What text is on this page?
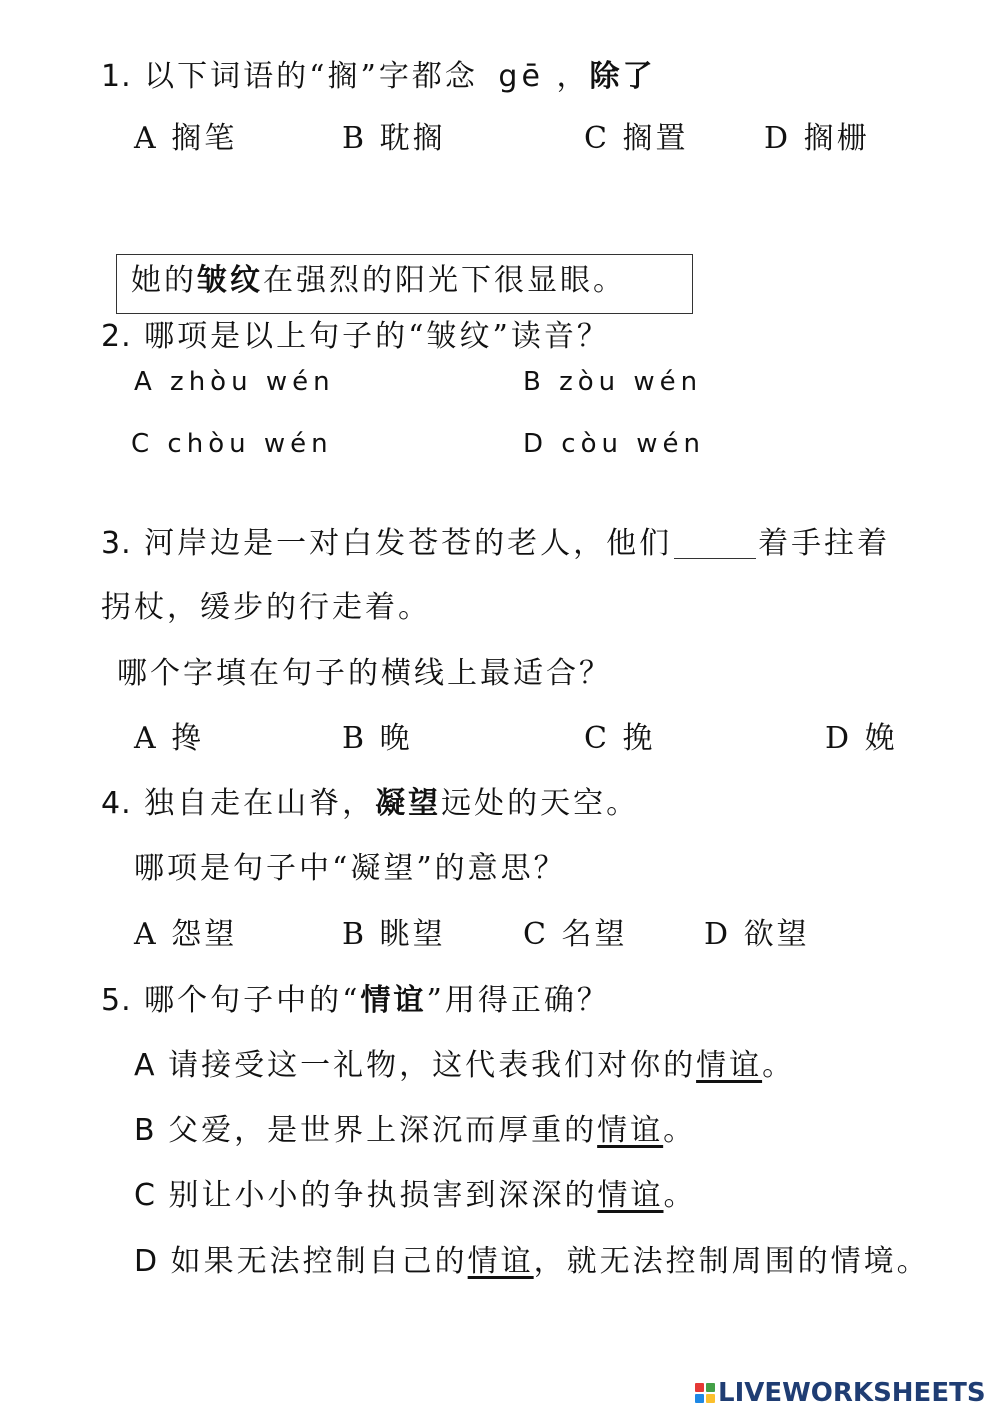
1. 以下词语的“搁”字都念 gē ，除了
A 搁笔	B 耽搁	C 搁置	D 搁栅
她的皱纹在强烈的阳光下很显眼。
2. 哪项是以上句子的“皱纹”读音？
A zhòu wén	B zòu wén
C chòu wén	D còu wén
3. 河岸边是一对白发苍苍的老人，他们	着手拄着
拐杖，缓步的行走着。
哪个字填在句子的横线上最适合？
A 搀	B 晚	C 挽	D 娩
4. 独自走在山脊，凝望远处的天空。
哪项是句子中“凝望”的意思？
A 怨望	B 眺望	C 名望	D 欲望
5. 哪个句子中的“情谊”用得正确？
A 请接受这一礼物，这代表我们对你的情谊。
B 父爱，是世界上深沉而厚重的情谊。
C 别让小小的争执损害到深深的情谊。
D 如果无法控制自己的情谊，就无法控制周围的情境。
LIVEWORKSHEETS
